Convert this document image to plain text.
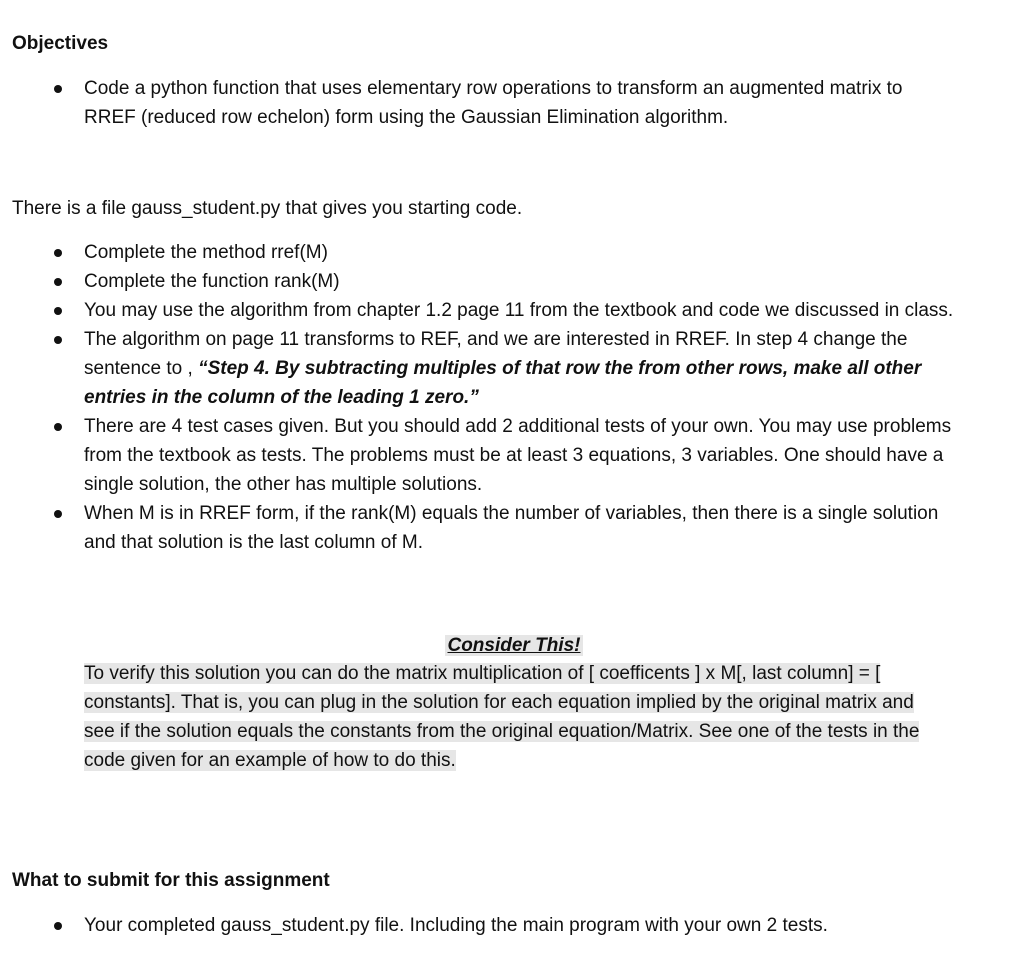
Objectives
Code a python function that uses elementary row operations to transform an augmented matrix to RREF (reduced row echelon) form using the Gaussian Elimination algorithm.
There is a file gauss_student.py that gives you starting code.
Complete the method rref(M)
Complete the function rank(M)
You may use the algorithm from chapter 1.2 page 11 from the textbook and code we discussed in class.
The algorithm on page 11 transforms to REF, and we are interested in RREF. In step 4 change the sentence to , “Step 4. By subtracting multiples of that row the from other rows, make all other entries in the column of the leading 1 zero.”
There are 4 test cases given. But you should add 2 additional tests of your own. You may use problems from the textbook as tests. The problems must be at least 3 equations, 3 variables. One should have a single solution, the other has multiple solutions.
When M is in RREF form, if the rank(M) equals the number of variables, then there is a single solution and that solution is the last column of M.
Consider This!
To verify this solution you can do the matrix multiplication of [ coefficents ] x M[, last column] = [ constants]. That is, you can plug in the solution for each equation implied by the original matrix and see if the solution equals the constants from the original equation/Matrix. See one of the tests in the code given for an example of how to do this.
What to submit for this assignment
Your completed gauss_student.py file. Including the main program with your own 2 tests.
